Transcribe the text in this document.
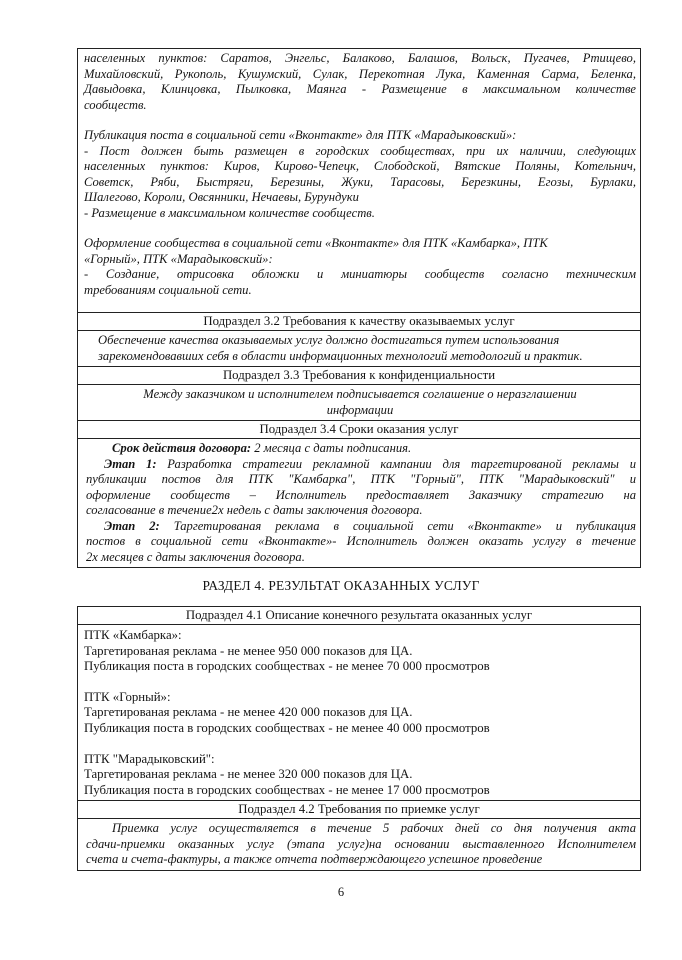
населенных пунктов: Саратов, Энгельс, Балаково, Балашов, Вольск, Пугачев, Ртищево,
Михайловский, Рукополь, Кушумский, Сулак, Перекотная Лука, Каменная Сарма, Беленка,
Давыдовка, Клинцовка, Пылковка, Маянга - Размещение в максимальном количестве
сообществ.
Публикация поста в социальной сети «Вконтакте» для ПТК «Марадыковский»:
- Пост должен быть размещен в городских сообществах, при их наличии, следующих
населенных пунктов: Киров, Кирово-Чепецк, Слободской, Вятские Поляны, Котельнич,
Советск, Ряби, Быстряги, Березины, Жуки, Тарасовы, Березкины, Егозы, Бурлаки,
Шалегово, Короли, Овсянники, Нечаевы, Бурундуки
- Размещение в максимальном количестве сообществ.
Оформление сообщества в социальной сети «Вконтакте» для ПТК «Камбарка», ПТК
«Горный», ПТК «Марадыковский»:
- Создание, отрисовка обложки и миниатюры сообществ согласно техническим
требованиям социальной сети.
Подраздел 3.2 Требования к качеству оказываемых услуг
Обеспечение качества оказываемых услуг должно достигаться путем использования
зарекомендовавших себя в области информационных технологий методологий и практик.
Подраздел 3.3 Требования к конфиденциальности
Между заказчиком и исполнителем подписывается соглашение о неразглашении
информации
Подраздел 3.4 Сроки оказания услуг
Срок действия договора: 2 месяца с даты подписания.
Этап 1: Разработка стратегии рекламной кампании для таргетированой рекламы и
публикации постов для ПТК "Камбарка", ПТК "Горный", ПТК "Марадыковский" и
оформление сообществ – Исполнитель предоставляет Заказчику стратегию на
согласование в течение2х недель с даты заключения договора.
Этап 2: Таргетированая реклама в социальной сети «Вконтакте» и публикация
постов в социальной сети «Вконтакте»- Исполнитель должен оказать услугу в течение
2х месяцев с даты заключения договора.
РАЗДЕЛ 4. РЕЗУЛЬТАТ ОКАЗАННЫХ УСЛУГ
Подраздел 4.1 Описание конечного результата оказанных услуг
ПТК «Камбарка»:
Таргетированая реклама - не менее 950 000 показов для ЦА.
Публикация поста в городских сообществах - не менее 70 000 просмотров
ПТК «Горный»:
Таргетированая реклама - не менее 420 000 показов для ЦА.
Публикация поста в городских сообществах - не менее 40 000 просмотров
ПТК "Марадыковский":
Таргетированая реклама - не менее 320 000 показов для ЦА.
Публикация поста в городских сообществах - не менее 17 000 просмотров
Подраздел 4.2 Требования по приемке услуг
Приемка услуг осуществляется в течение 5 рабочих дней со дня получения акта
сдачи-приемки оказанных услуг (этапа услуг)на основании выставленного Исполнителем
счета и счета-фактуры, а также отчета подтверждающего успешное проведение
6
